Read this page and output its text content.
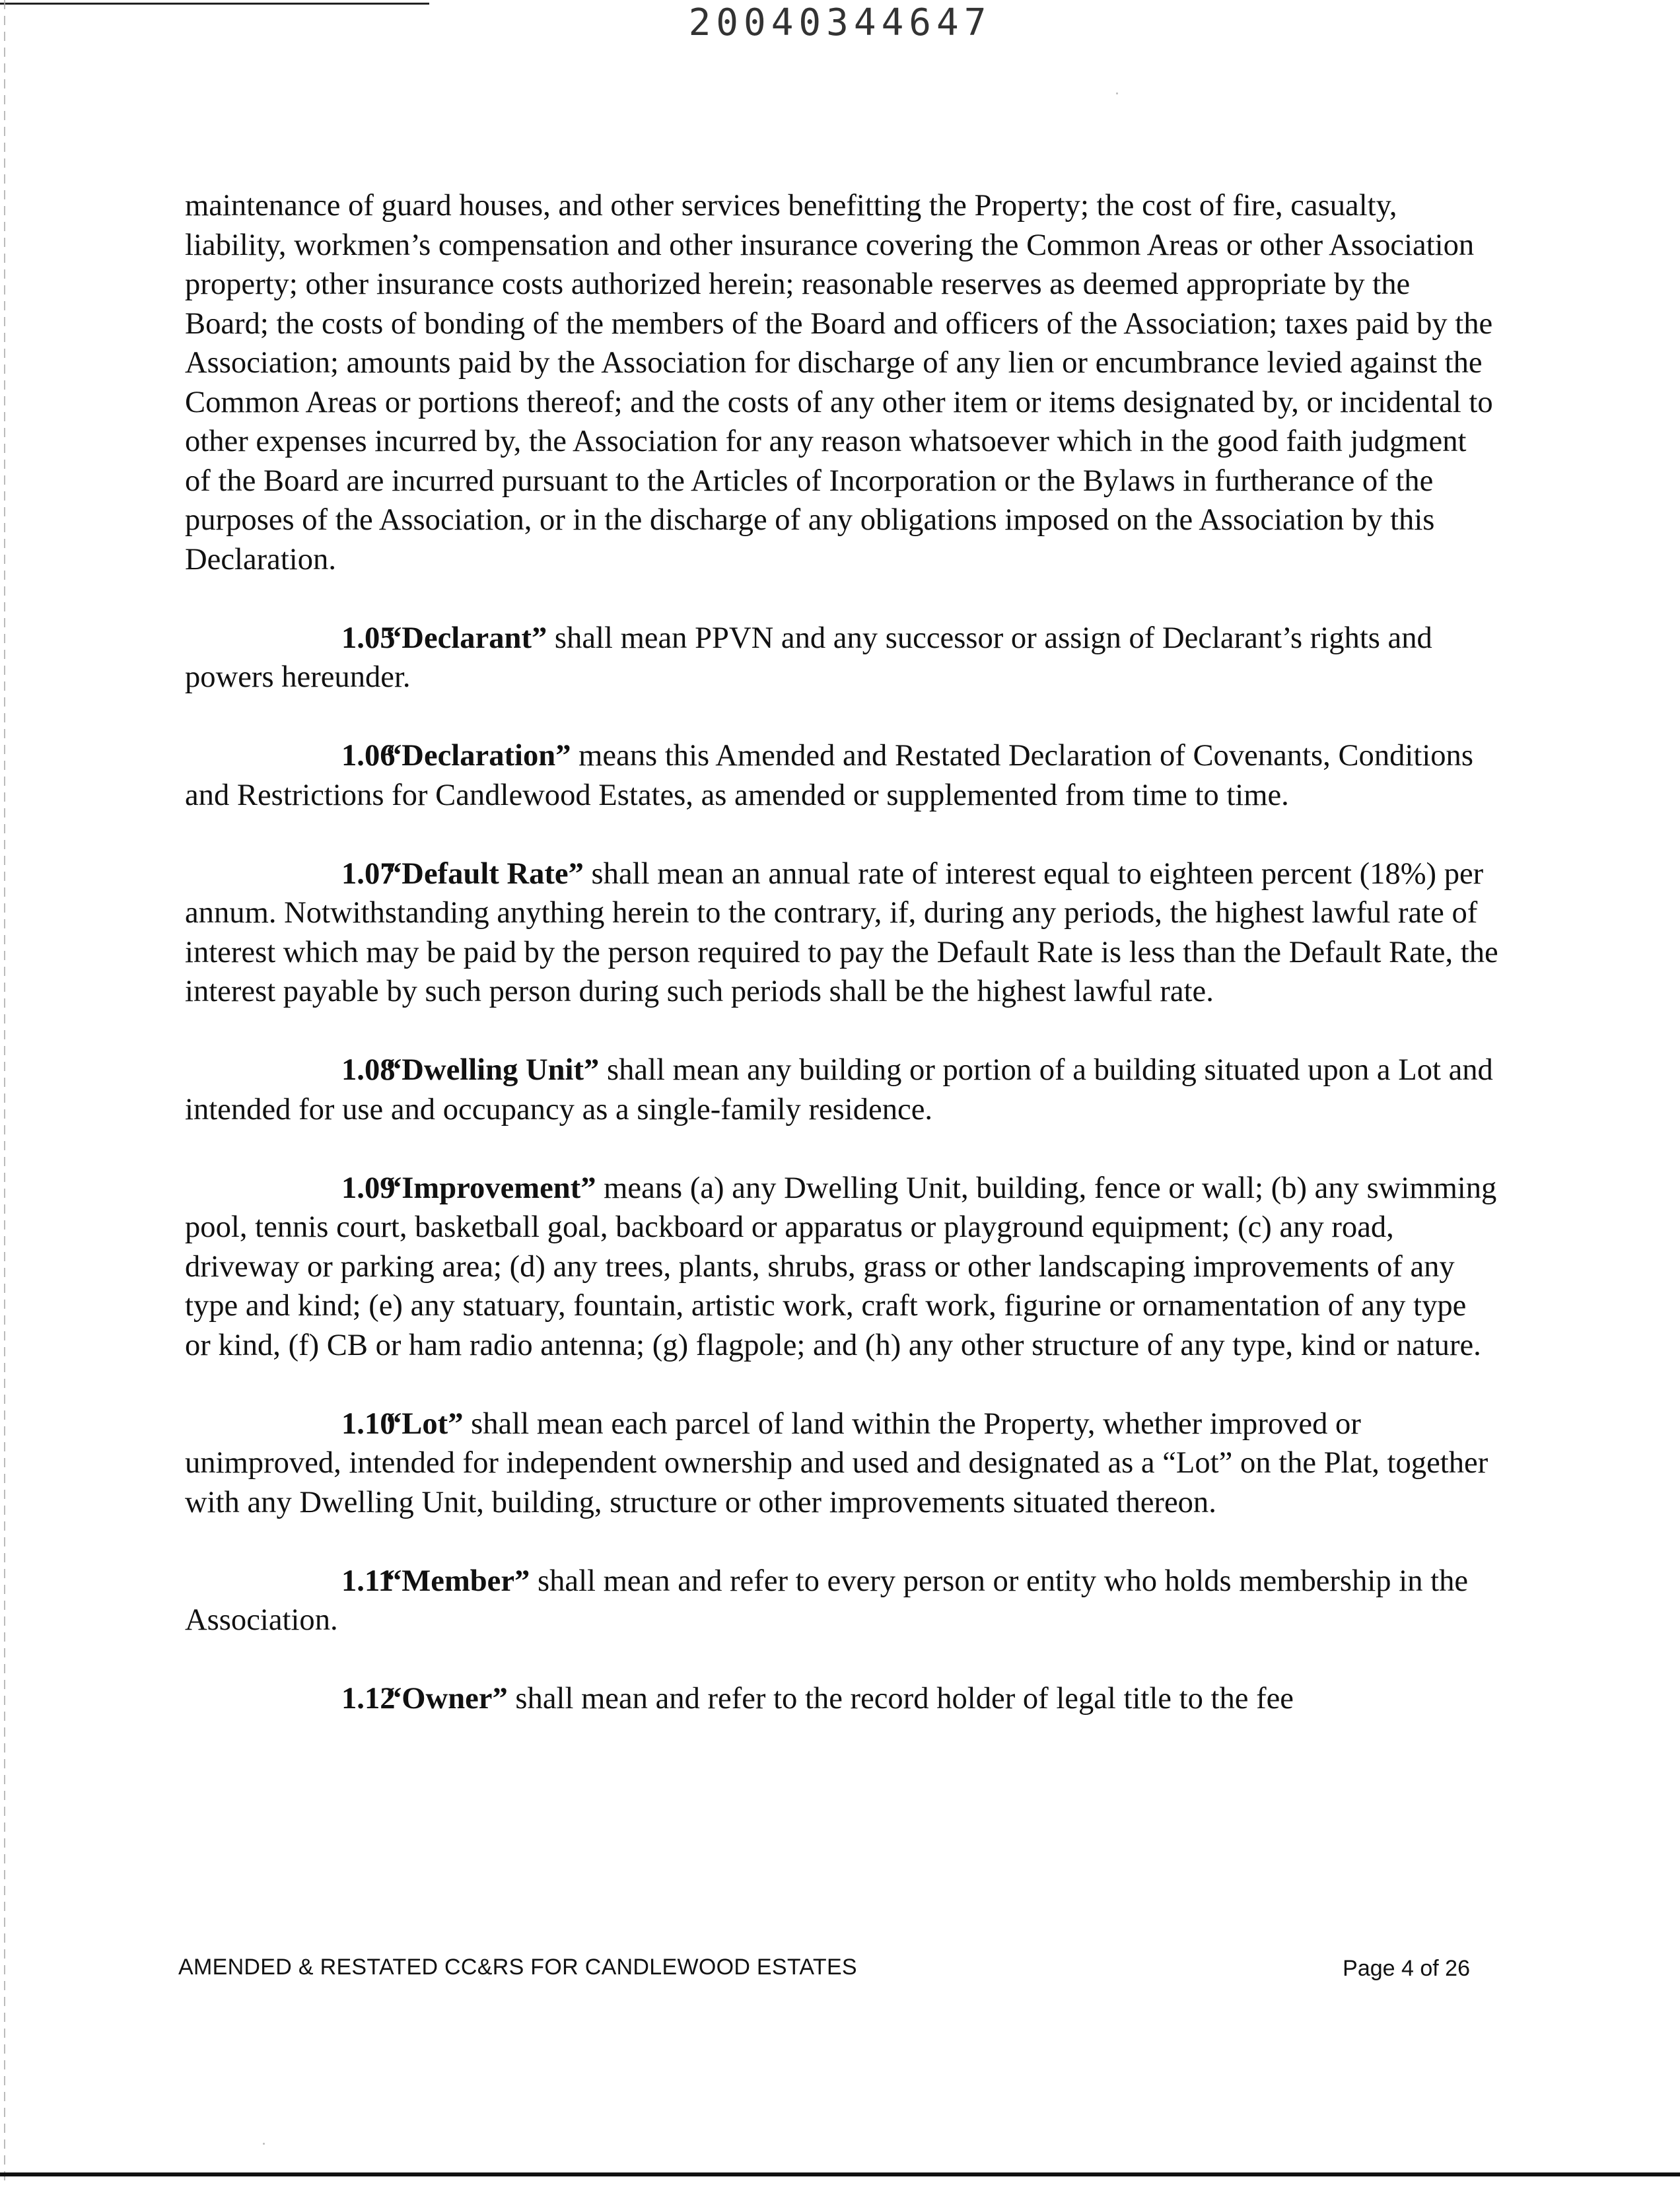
20040344647

maintenance of guard houses, and other services benefitting the Property; the cost of fire, casualty, liability, workmen’s compensation and other insurance covering the Common Areas or other Association property; other insurance costs authorized herein; reasonable reserves as deemed appropriate by the Board; the costs of bonding of the members of the Board and officers of the Association; taxes paid by the Association; amounts paid by the Association for discharge of any lien or encumbrance levied against the Common Areas or portions thereof; and the costs of any other item or items designated by, or incidental to other expenses incurred by, the Association for any reason whatsoever which in the good faith judgment of the Board are incurred pursuant to the Articles of Incorporation or the Bylaws in furtherance of the purposes of the Association, or in the discharge of any obligations imposed on the Association by this Declaration.

1.05“Declarant” shall mean PPVN and any successor or assign of Declarant’s rights and powers hereunder.

1.06“Declaration” means this Amended and Restated Declaration of Covenants, Conditions and Restrictions for Candlewood Estates, as amended or supplemented from time to time.

1.07“Default Rate” shall mean an annual rate of interest equal to eighteen percent (18%) per annum. Notwithstanding anything herein to the contrary, if, during any periods, the highest lawful rate of interest which may be paid by the person required to pay the Default Rate is less than the Default Rate, the interest payable by such person during such periods shall be the highest lawful rate.

1.08“Dwelling Unit” shall mean any building or portion of a building situated upon a Lot and intended for use and occupancy as a single-family residence.

1.09“Improvement” means (a) any Dwelling Unit, building, fence or wall; (b) any swimming pool, tennis court, basketball goal, backboard or apparatus or playground equipment; (c) any road, driveway or parking area; (d) any trees, plants, shrubs, grass or other landscaping improvements of any type and kind; (e) any statuary, fountain, artistic work, craft work, figurine or ornamentation of any type or kind, (f) CB or ham radio antenna; (g) flagpole; and (h) any other structure of any type, kind or nature.

1.10“Lot” shall mean each parcel of land within the Property, whether improved or unimproved, intended for independent ownership and used and designated as a “Lot” on the Plat, together with any Dwelling Unit, building, structure or other improvements situated thereon.

1.11“Member” shall mean and refer to every person or entity who holds membership in the Association.

1.12“Owner” shall mean and refer to the record holder of legal title to the fee

AMENDED & RESTATED CC&RS FOR CANDLEWOOD ESTATES	Page 4 of 26
